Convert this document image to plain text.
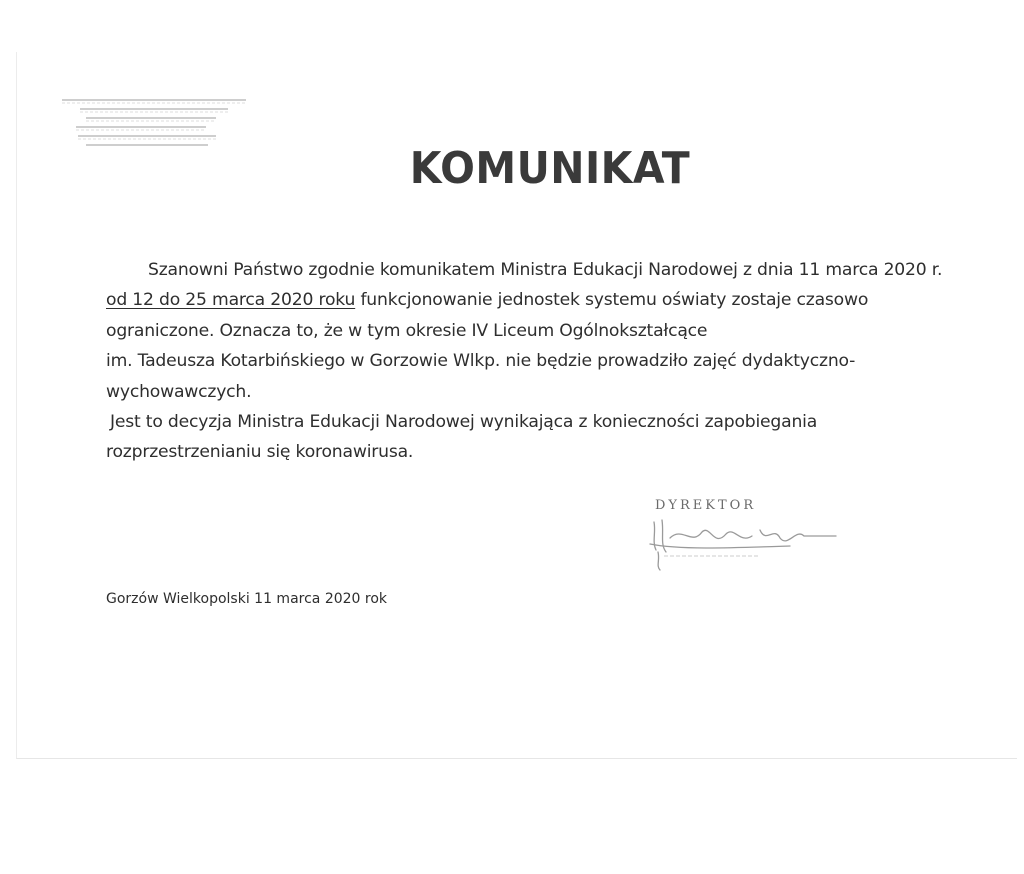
KOMUNIKAT

Szanowni Państwo zgodnie komunikatem Ministra Edukacji Narodowej z dnia 11 marca 2020 r.

od 12 do 25 marca 2020 roku funkcjonowanie jednostek systemu oświaty zostaje czasowo

ograniczone. Oznacza to, że w tym okresie IV Liceum Ogólnokształcące

im. Tadeusza Kotarbińskiego w Gorzowie Wlkp. nie będzie prowadziło zajęć dydaktyczno-

wychowawczych.

Jest to decyzja Ministra Edukacji Narodowej wynikająca z konieczności zapobiegania

rozprzestrzenianiu się koronawirusa.

DYREKTOR
Gorzów Wielkopolski 11 marca 2020 rok
